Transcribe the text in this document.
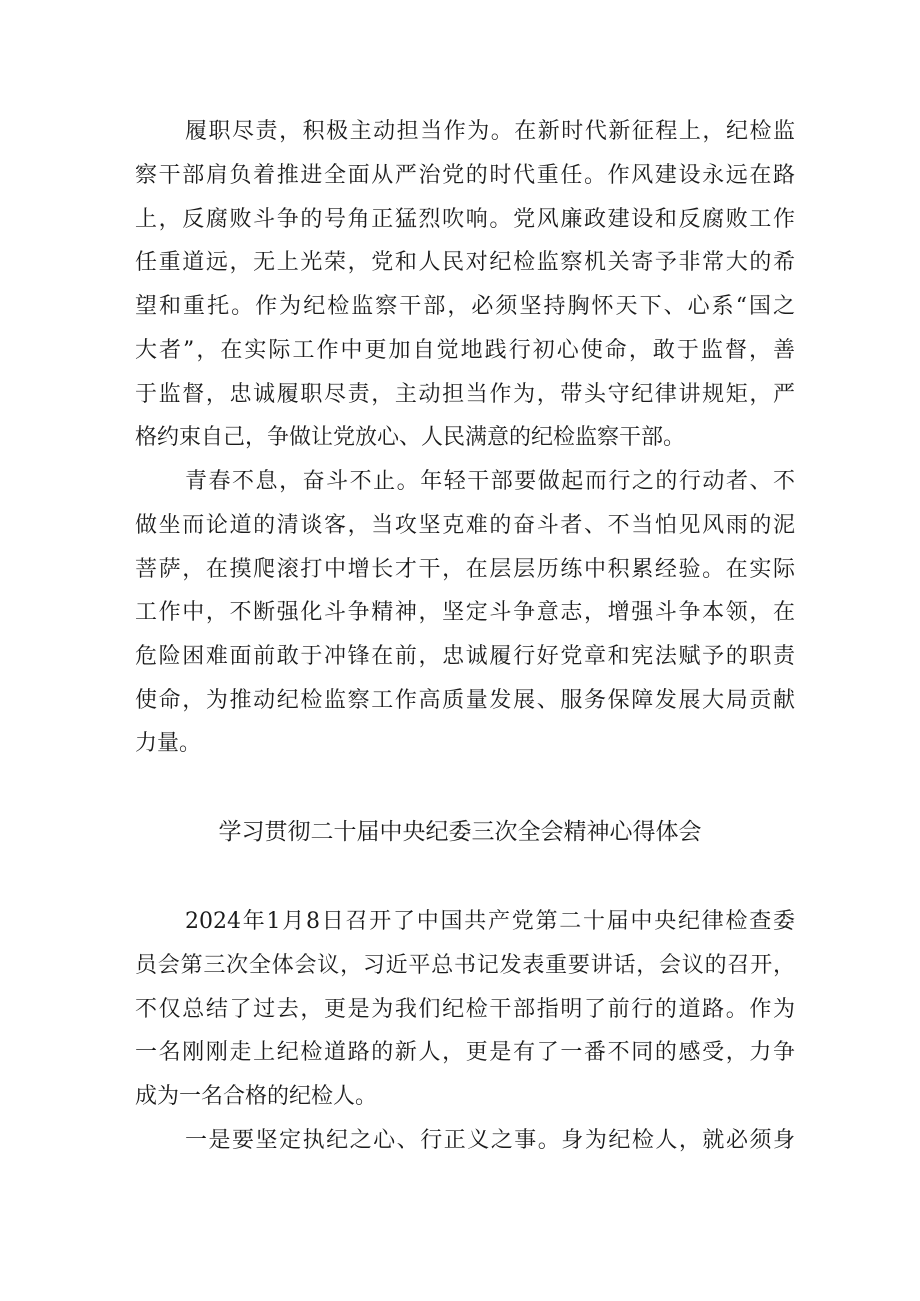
履职尽责，积极主动担当作为。在新时代新征程上，纪检监
察干部肩负着推进全面从严治党的时代重任。作风建设永远在路
上，反腐败斗争的号角正猛烈吹响。党风廉政建设和反腐败工作
任重道远，无上光荣，党和人民对纪检监察机关寄予非常大的希
望和重托。作为纪检监察干部，必须坚持胸怀天下、心系“国之
大者”，在实际工作中更加自觉地践行初心使命，敢于监督，善
于监督，忠诚履职尽责，主动担当作为，带头守纪律讲规矩，严
格约束自己，争做让党放心、人民满意的纪检监察干部。
青春不息，奋斗不止。年轻干部要做起而行之的行动者、不
做坐而论道的清谈客，当攻坚克难的奋斗者、不当怕见风雨的泥
菩萨，在摸爬滚打中增长才干，在层层历练中积累经验。在实际
工作中，不断强化斗争精神，坚定斗争意志，增强斗争本领，在
危险困难面前敢于冲锋在前，忠诚履行好党章和宪法赋予的职责
使命，为推动纪检监察工作高质量发展、服务保障发展大局贡献
力量。
学习贯彻二十届中央纪委三次全会精神心得体会
2024年1月8日召开了中国共产党第二十届中央纪律检查委
员会第三次全体会议，习近平总书记发表重要讲话，会议的召开，
不仅总结了过去，更是为我们纪检干部指明了前行的道路。作为
一名刚刚走上纪检道路的新人，更是有了一番不同的感受，力争
成为一名合格的纪检人。
一是要坚定执纪之心、行正义之事。身为纪检人，就必须身
